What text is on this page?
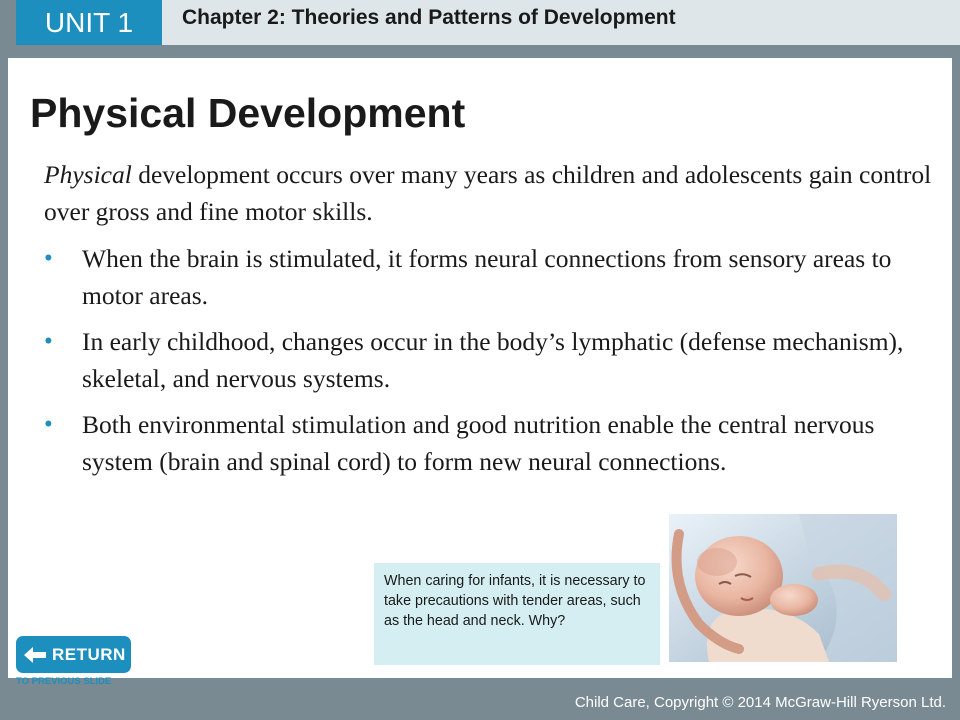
UNIT 1 Chapter 2: Theories and Patterns of Development
Physical Development

Physical development occurs over many years as children and adolescents gain control over gross and fine motor skills.

• When the brain is stimulated, it forms neural connections from sensory areas to motor areas.
• In early childhood, changes occur in the body’s lymphatic (defense mechanism), skeletal, and nervous systems.
• Both environmental stimulation and good nutrition enable the central nervous system (brain and spinal cord) to form new neural connections.
When caring for infants, it is necessary to take precautions with tender areas, such as the head and neck. Why?
RETURN
TO PREVIOUS SLIDE
Child Care, Copyright © 2014 McGraw-Hill Ryerson Ltd.
